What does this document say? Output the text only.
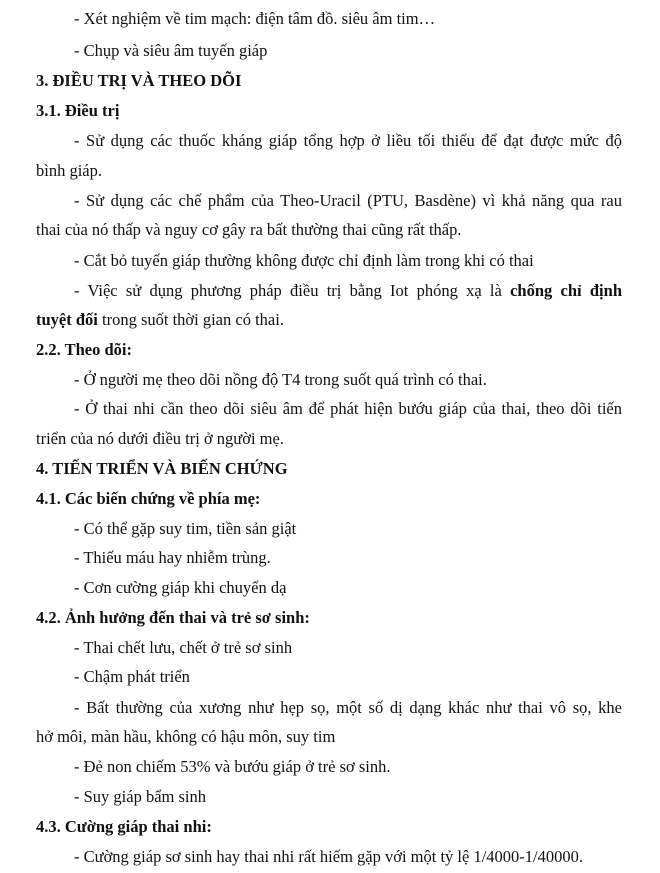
- Xét nghiệm về tim mạch: điện tâm đồ. siêu âm tim…
- Chụp và siêu âm tuyến giáp
3. ĐIỀU TRỊ VÀ THEO DÕI
3.1. Điều trị
- Sử dụng các thuốc kháng giáp tổng hợp ở liều tối thiểu để đạt được mức độ
bình giáp.
- Sử dụng các chế phẩm của Theo-Uracil (PTU, Basdène) vì khả năng qua rau
thai của nó thấp và nguy cơ gây ra bất thường thai cũng rất thấp.
- Cắt bỏ tuyến giáp thường không được chỉ định làm trong khi có thai
- Việc sử dụng phương pháp điều trị bằng Iot phóng xạ là chống chỉ định
tuyệt đối trong suốt thời gian có thai.
2.2. Theo dõi:
- Ở người mẹ theo dõi nồng độ T4 trong suốt quá trình có thai.
- Ở thai nhi cần theo dõi siêu âm để phát hiện bướu giáp của thai, theo dõi tiến
triển của nó dưới điều trị ở người mẹ.
4. TIẾN TRIỂN VÀ BIẾN CHỨNG
4.1. Các biến chứng về phía mẹ:
- Có thể gặp suy tim, tiền sản giật
- Thiếu máu hay nhiễm trùng.
- Cơn cường giáp khi chuyển dạ
4.2. Ảnh hưởng đến thai và trẻ sơ sinh:
- Thai chết lưu, chết ở trẻ sơ sinh
- Chậm phát triển
- Bất thường của xương như hẹp sọ, một số dị dạng khác như thai vô sọ, khe
hở môi, màn hầu, không có hậu môn, suy tim
- Đẻ non chiếm 53% và bướu giáp ở trẻ sơ sinh.
- Suy giáp bẩm sinh
4.3. Cường giáp thai nhi:
- Cường giáp sơ sinh hay thai nhi rất hiếm gặp với một tỷ lệ 1/4000-1/40000.
